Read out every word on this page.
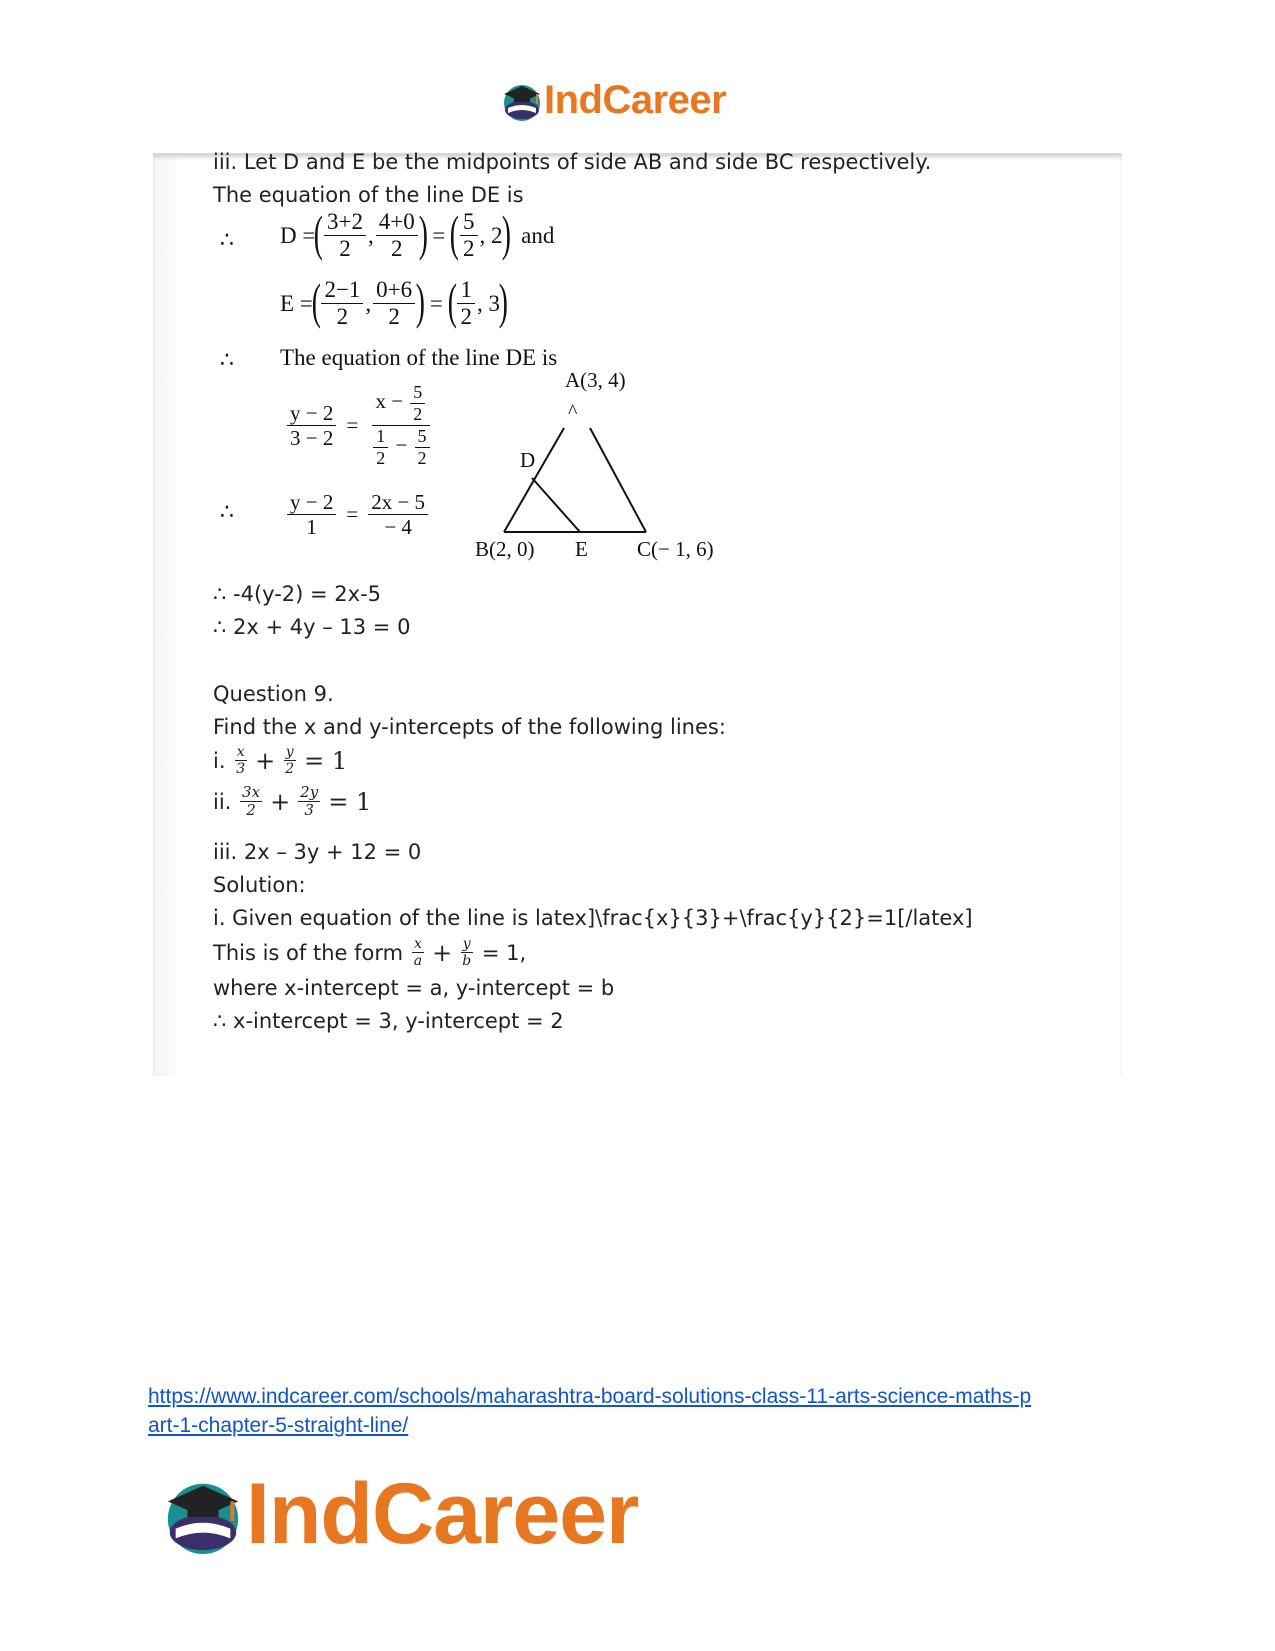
IndCareer
iii. Let D and E be the midpoints of side AB and side BC respectively.
The equation of the line DE is
∴ D =
( $\frac{3+2}{2}$ , $\frac{4+0}{2}$ ) = ( $\frac{5}{2}$ , 2
) and
E =
( $\frac{2-1}{2}$ , $\frac{0+6}{2}$ ) = ( $\frac{1}{2}$ , 3
)
∴ The equation of the line DE is
$\frac{y - 2}{3 - 2} = \frac{x - \frac{5}{2}}{\frac{1}{2} - \frac{5}{2}}$
∴	$\frac{y - 2}{1} = \frac{2x - 5}{- 4}$
^
A(3, 4)
D
B(2, 0) E C(− 1, 6)
∴ -4(y-2) = 2x-5
∴ 2x + 4y – 13 = 0
Question 9.
Find the x and y-intercepts of the following lines:
i.
$\frac{x}{3} + \frac{y}{2} = 1$
ii.
$\frac{3x}{2} + \frac{2y}{3} = 1$
iii. 2x – 3y + 12 = 0
Solution:
i. Given equation of the line is latex]\frac{x}{3}+\frac{y}{2}=1[/latex]
This is of the form
$\frac{x}{a} + \frac{y}{b}$
= 1,
where x-intercept = a, y-intercept = b
∴ x-intercept = 3, y-intercept = 2
https://www.indcareer.com/schools/maharashtra-board-solutions-class-11-arts-science-maths-p
art-1-chapter-5-straight-line/
IndCareer
